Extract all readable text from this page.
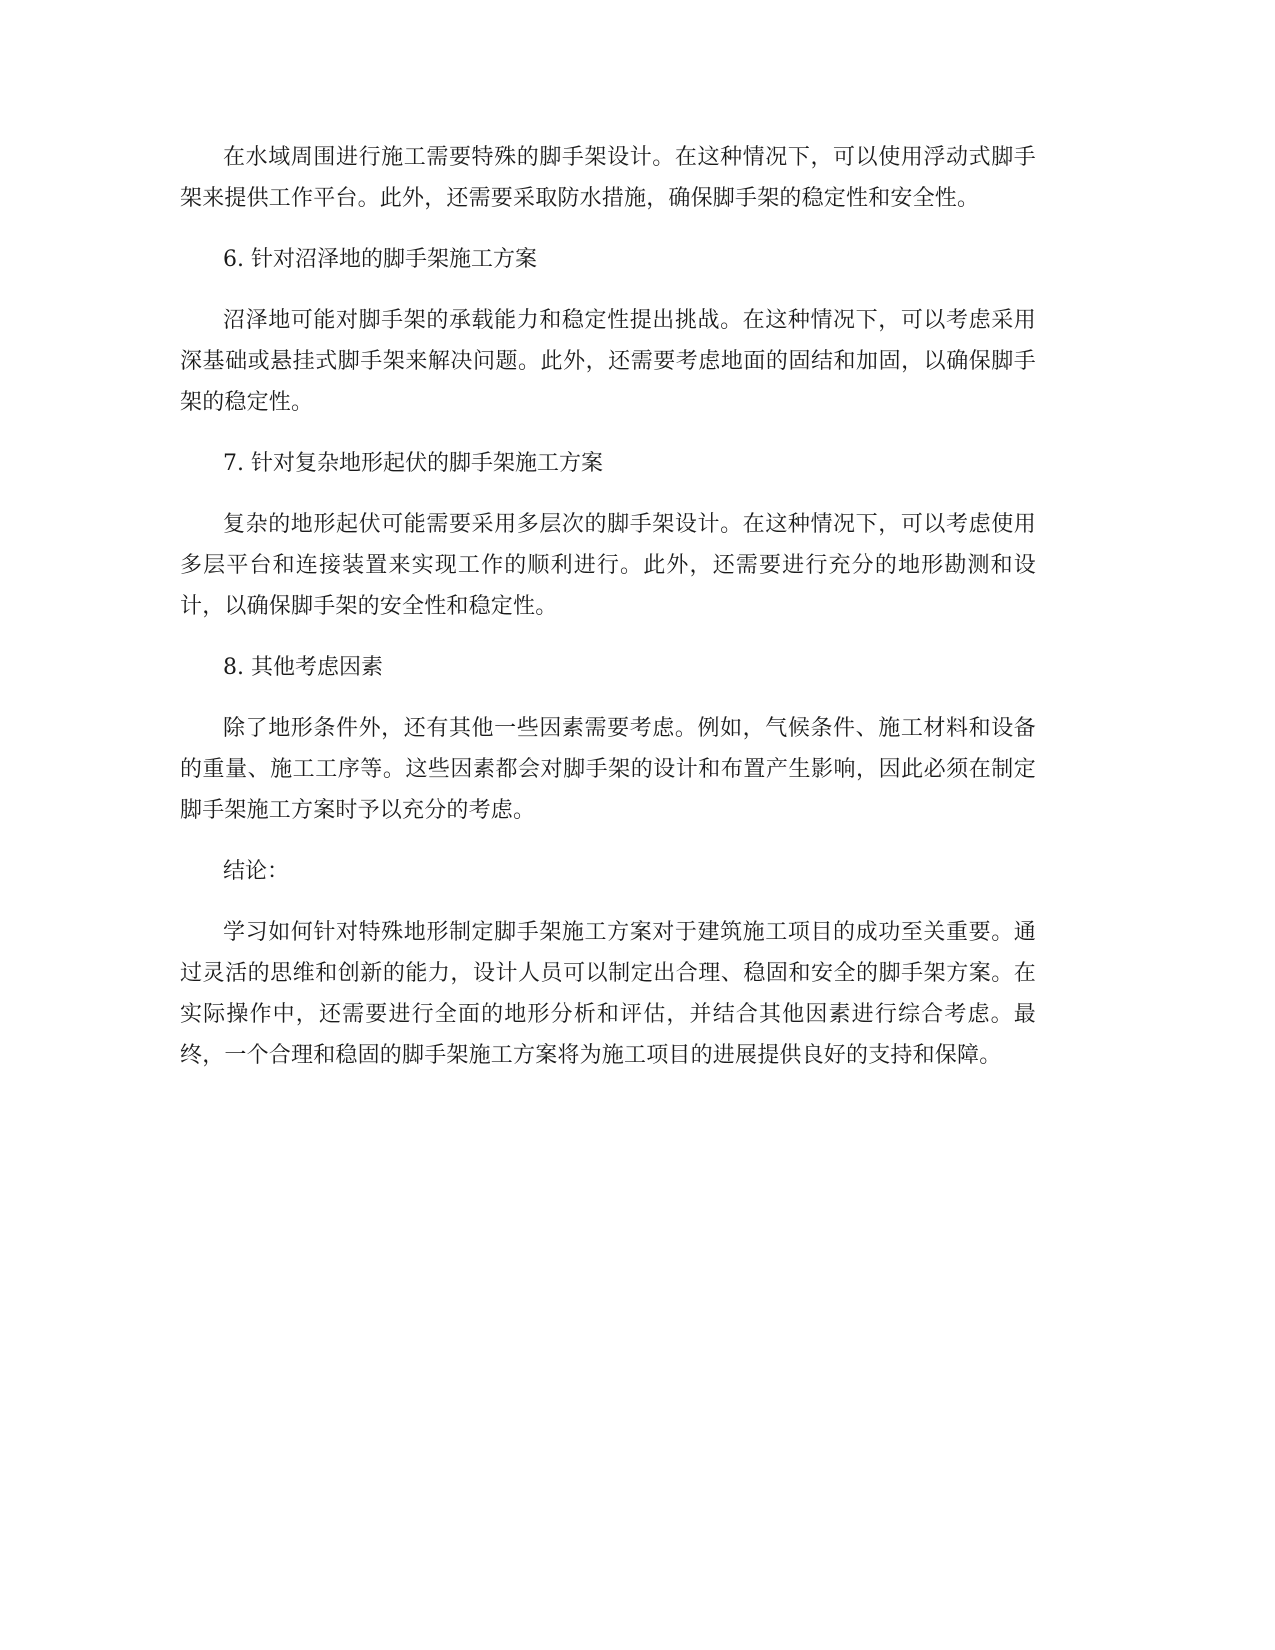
在水域周围进行施工需要特殊的脚手架设计。在这种情况下，可以使用浮动式脚手架来提供工作平台。此外，还需要采取防水措施，确保脚手架的稳定性和安全性。

6. 针对沼泽地的脚手架施工方案

沼泽地可能对脚手架的承载能力和稳定性提出挑战。在这种情况下，可以考虑采用深基础或悬挂式脚手架来解决问题。此外，还需要考虑地面的固结和加固，以确保脚手架的稳定性。

7. 针对复杂地形起伏的脚手架施工方案

复杂的地形起伏可能需要采用多层次的脚手架设计。在这种情况下，可以考虑使用多层平台和连接装置来实现工作的顺利进行。此外，还需要进行充分的地形勘测和设计，以确保脚手架的安全性和稳定性。

8. 其他考虑因素

除了地形条件外，还有其他一些因素需要考虑。例如，气候条件、施工材料和设备的重量、施工工序等。这些因素都会对脚手架的设计和布置产生影响，因此必须在制定脚手架施工方案时予以充分的考虑。

结论：

学习如何针对特殊地形制定脚手架施工方案对于建筑施工项目的成功至关重要。通过灵活的思维和创新的能力，设计人员可以制定出合理、稳固和安全的脚手架方案。在实际操作中，还需要进行全面的地形分析和评估，并结合其他因素进行综合考虑。最终，一个合理和稳固的脚手架施工方案将为施工项目的进展提供良好的支持和保障。
